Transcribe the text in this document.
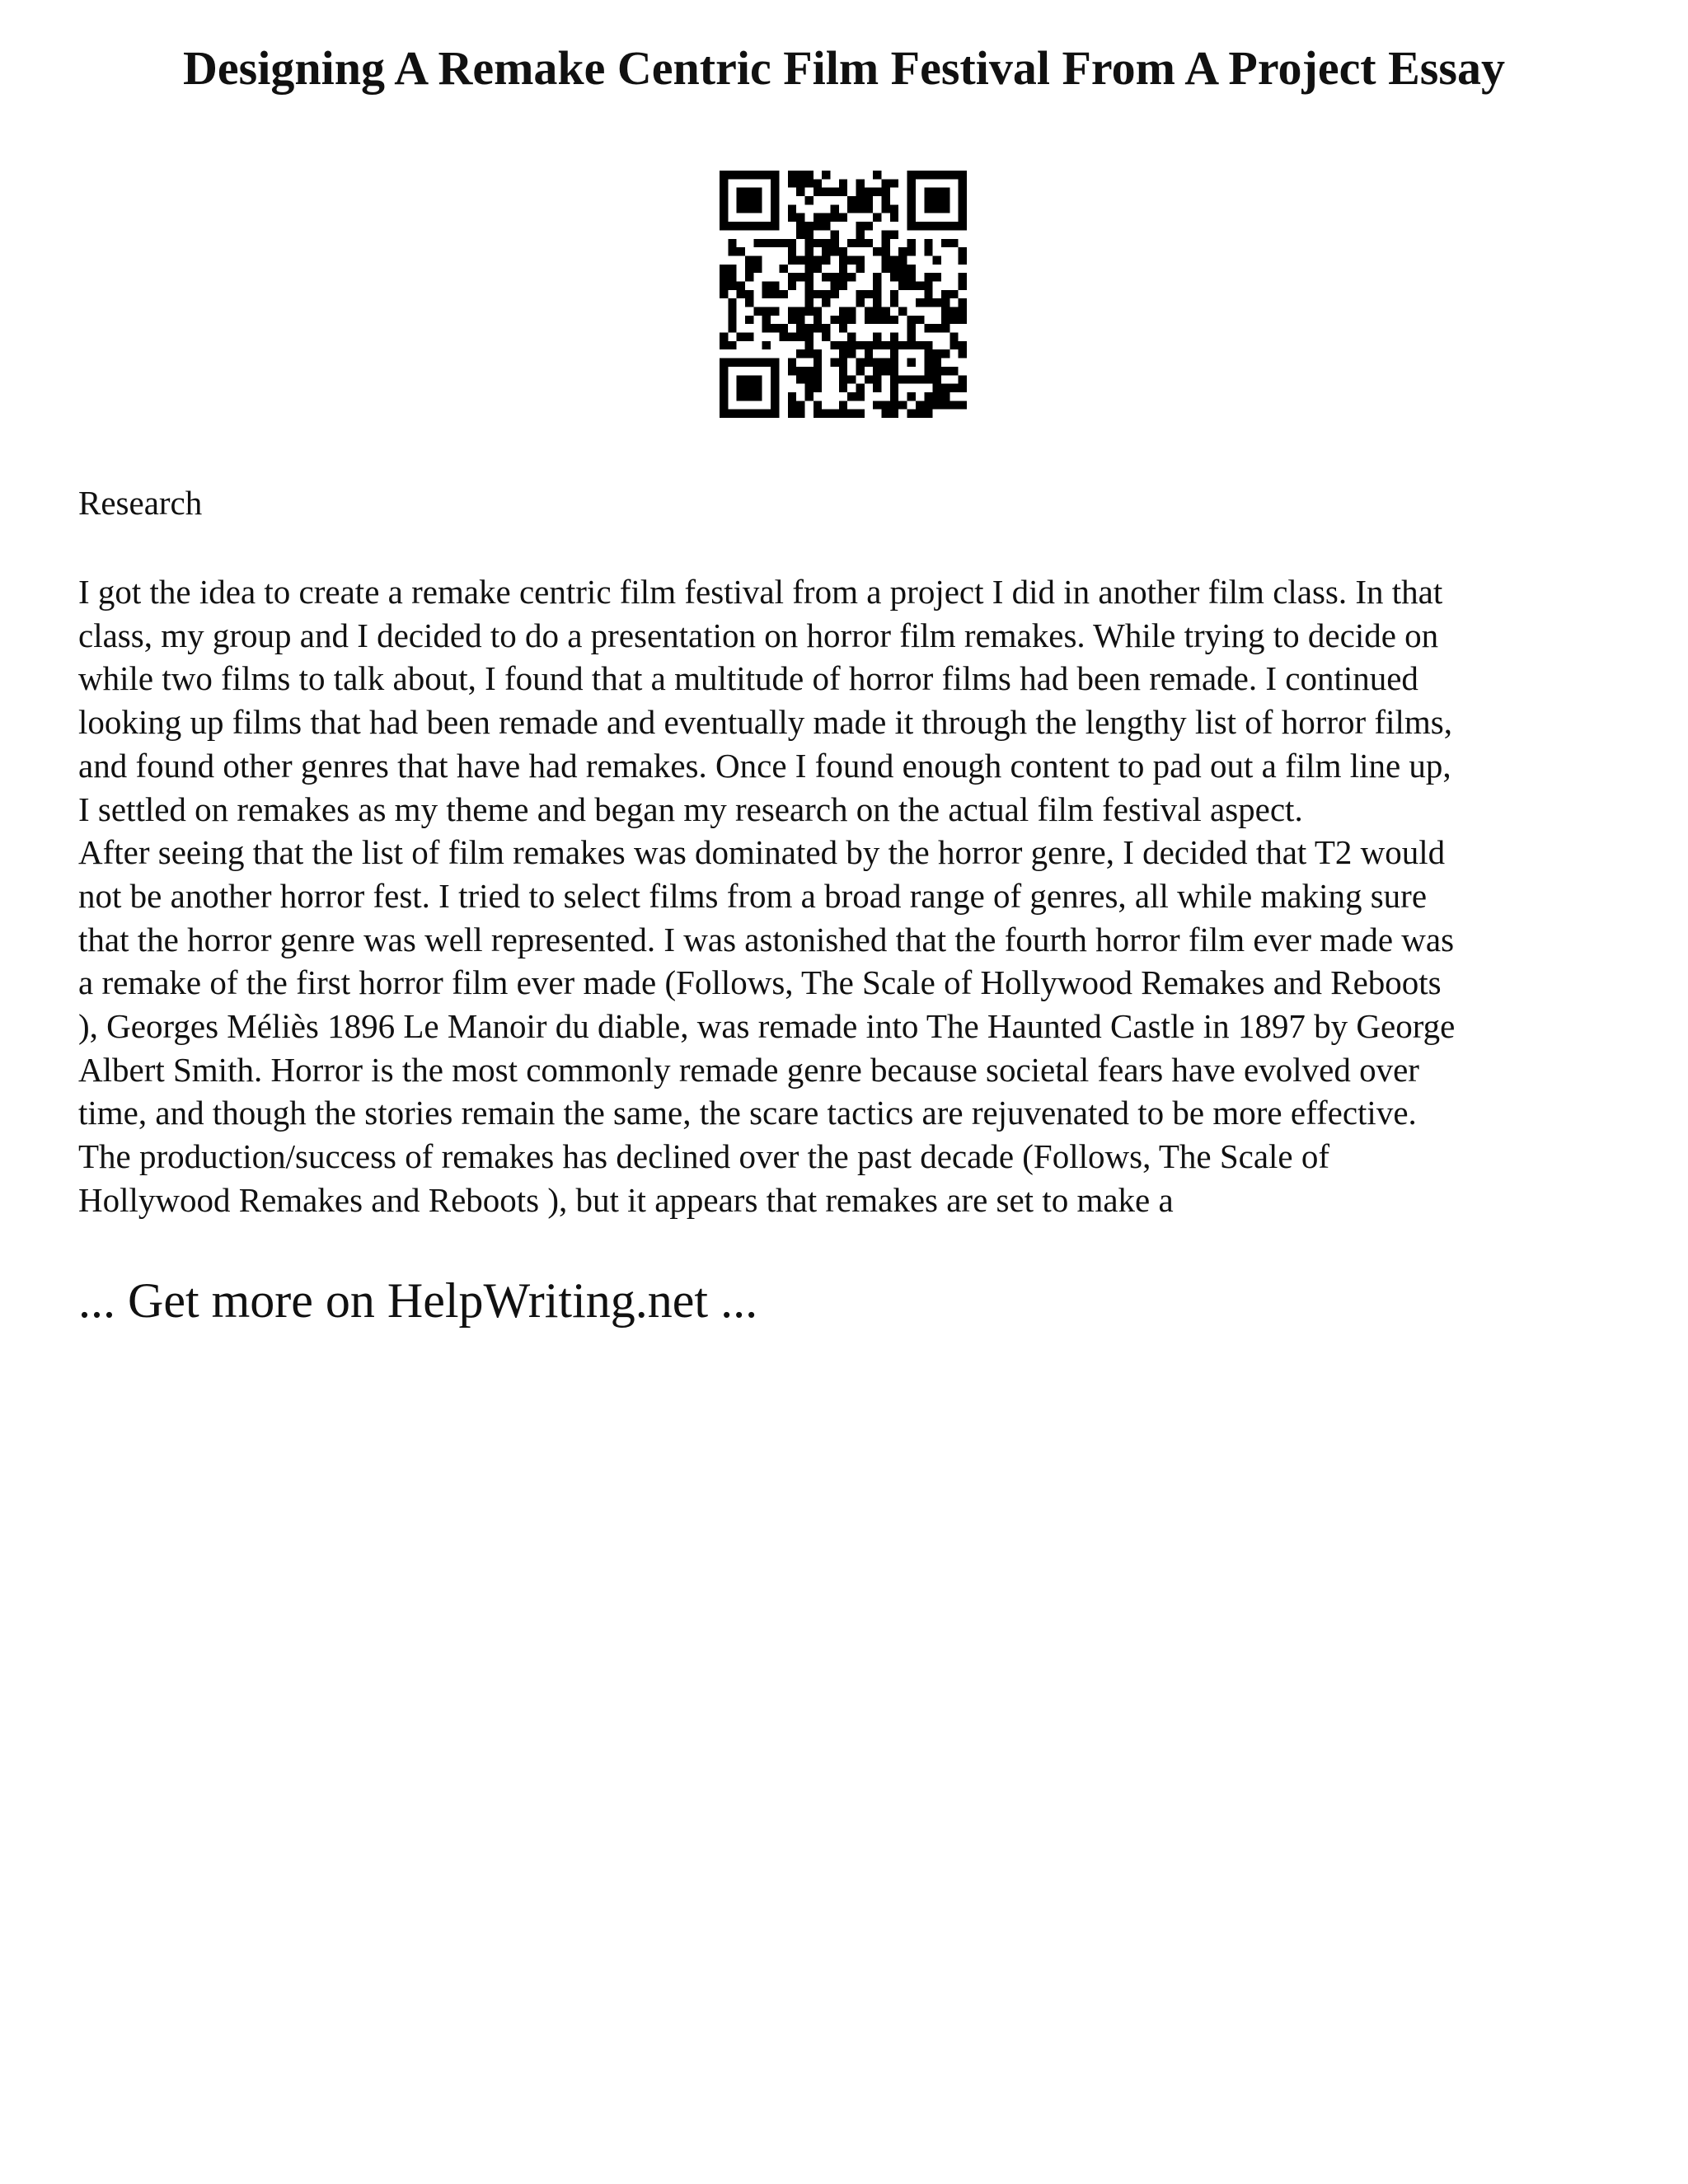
Designing A Remake Centric Film Festival From A Project Essay

Research

I got the idea to create a remake centric film festival from a project I did in another film class. In that
class, my group and I decided to do a presentation on horror film remakes. While trying to decide on
while two films to talk about, I found that a multitude of horror films had been remade. I continued
looking up films that had been remade and eventually made it through the lengthy list of horror films,
and found other genres that have had remakes. Once I found enough content to pad out a film line up,
I settled on remakes as my theme and began my research on the actual film festival aspect.
After seeing that the list of film remakes was dominated by the horror genre, I decided that T2 would
not be another horror fest. I tried to select films from a broad range of genres, all while making sure
that the horror genre was well represented. I was astonished that the fourth horror film ever made was
a remake of the first horror film ever made (Follows, The Scale of Hollywood Remakes and Reboots
), Georges Méliès 1896 Le Manoir du diable, was remade into The Haunted Castle in 1897 by George
Albert Smith. Horror is the most commonly remade genre because societal fears have evolved over
time, and though the stories remain the same, the scare tactics are rejuvenated to be more effective.
The production/success of remakes has declined over the past decade (Follows, The Scale of
Hollywood Remakes and Reboots ), but it appears that remakes are set to make a

... Get more on HelpWriting.net ...
